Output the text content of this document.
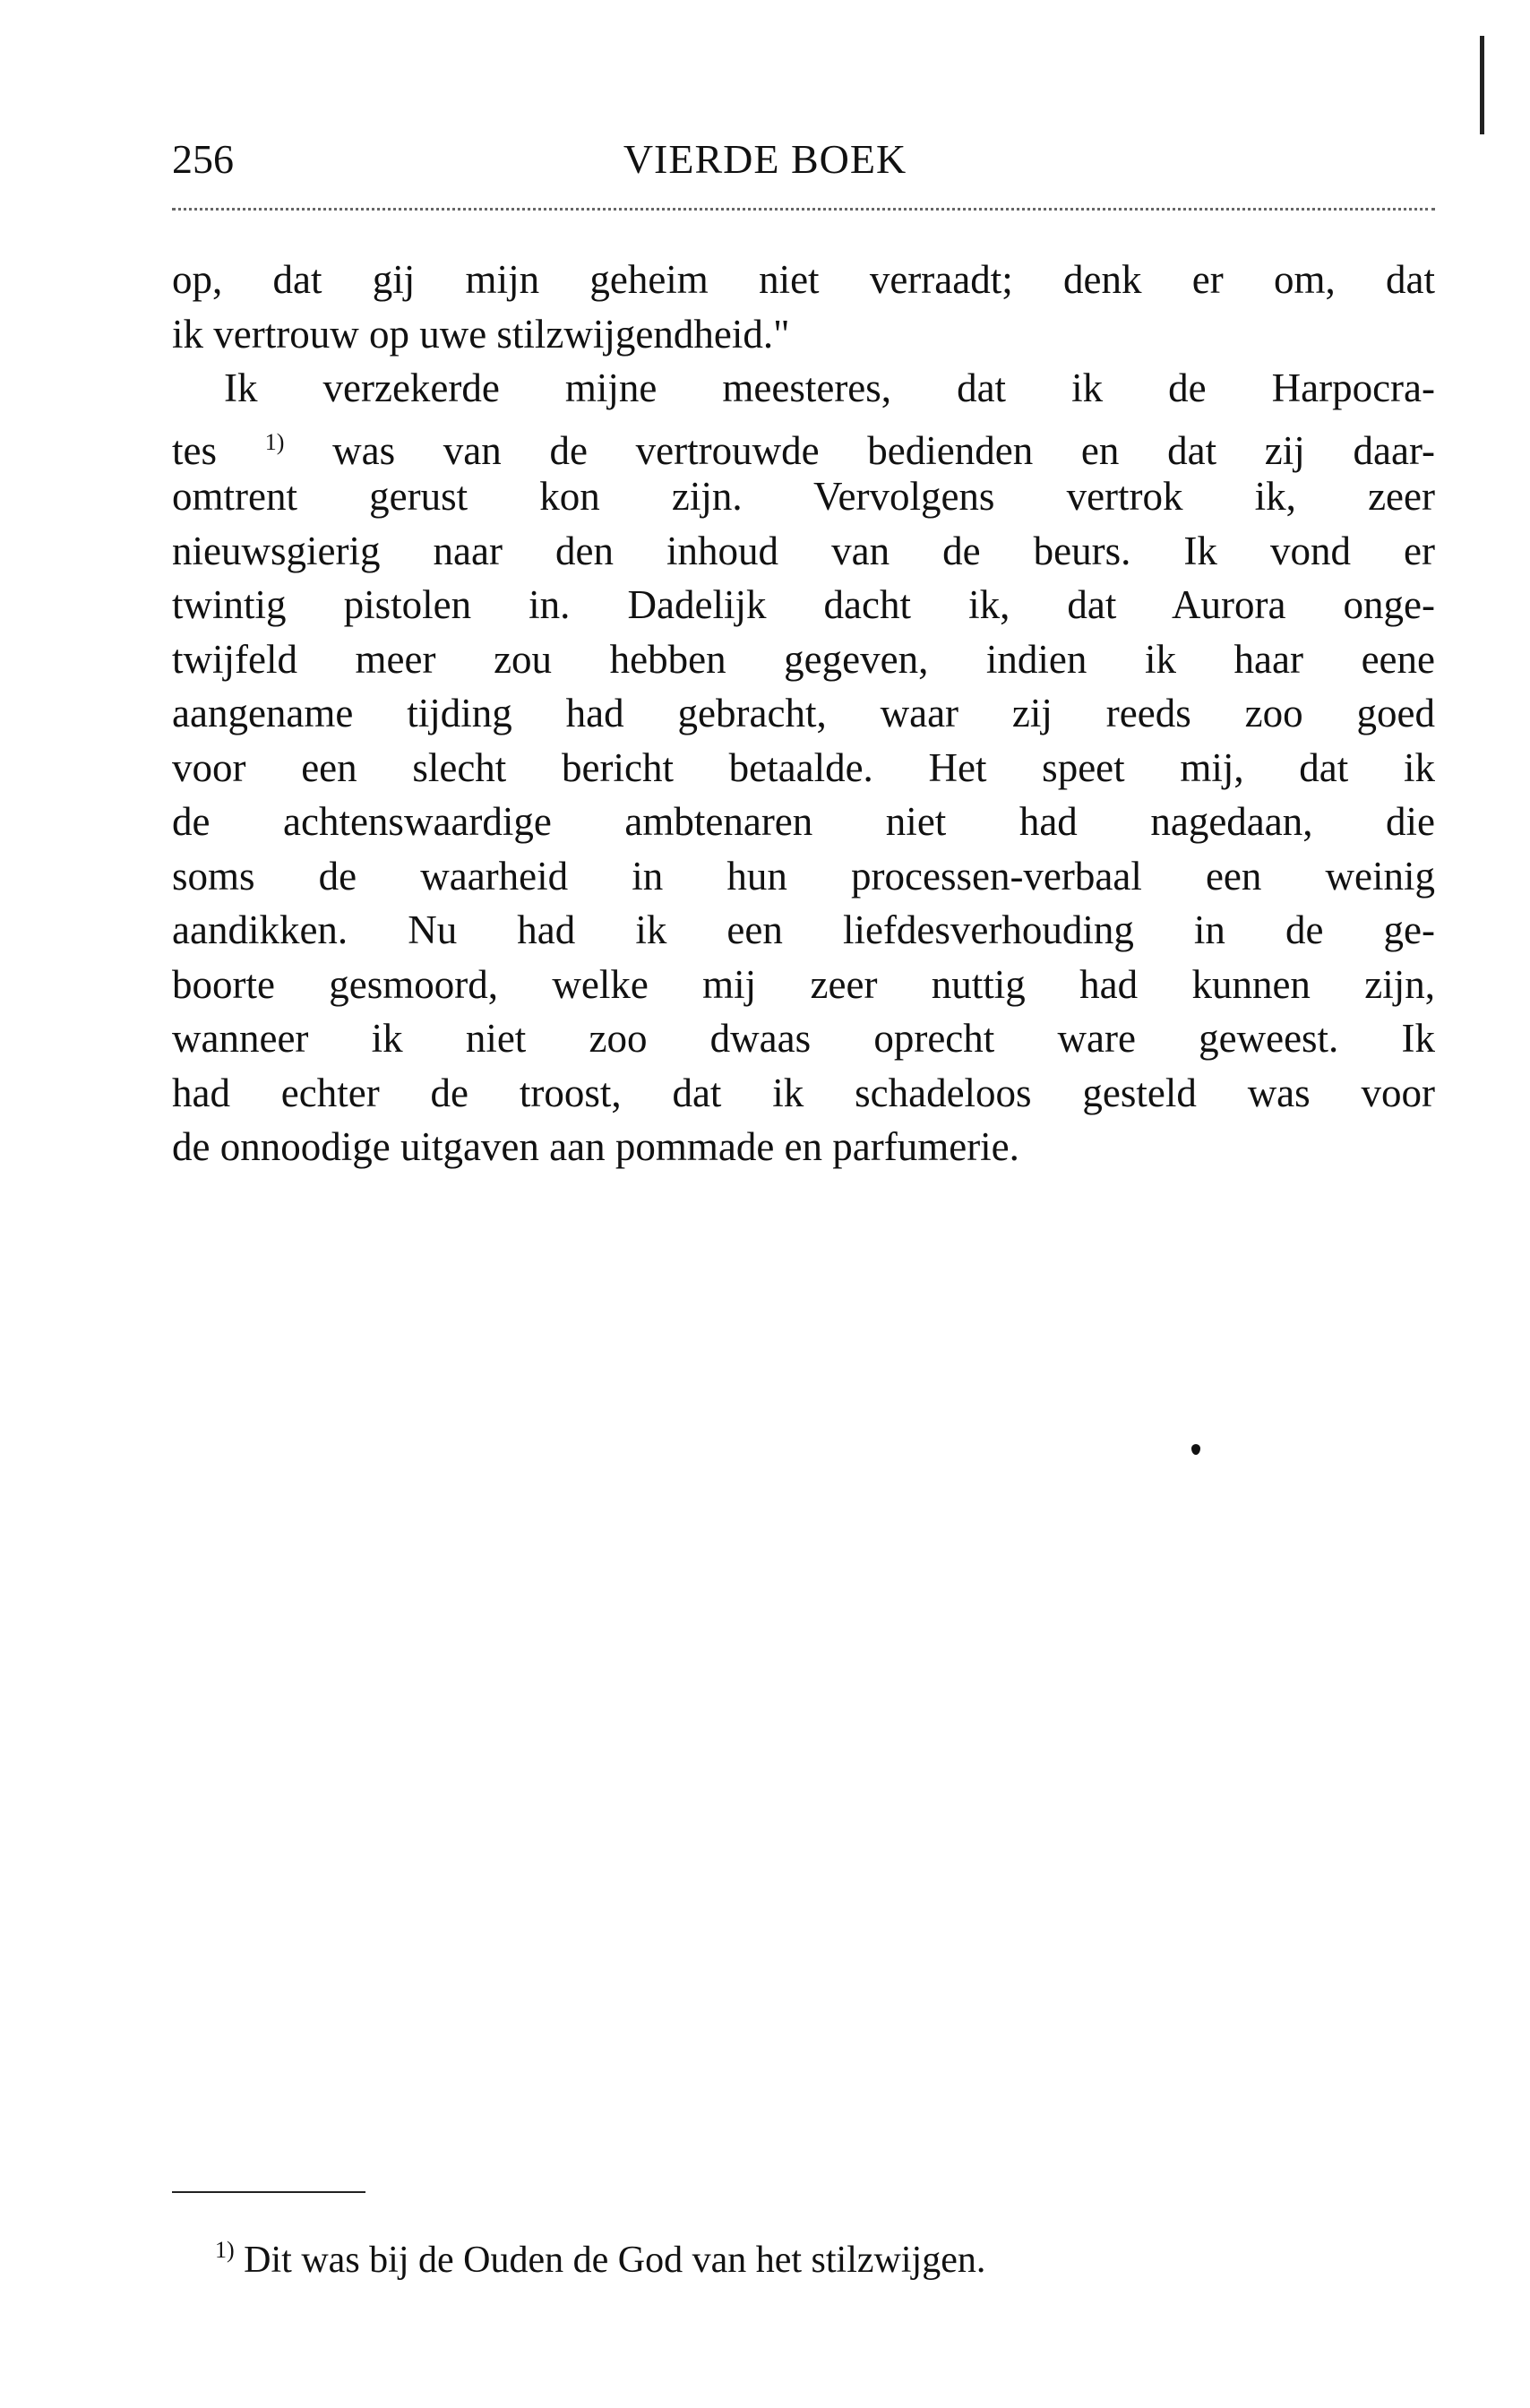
256	VIERDE BOEK
op, dat gij mijn geheim niet verraadt; denk er om, dat
ik vertrouw op uwe stilzwijgendheid."
Ik verzekerde mijne meesteres, dat ik de Harpocra-
tes $^{1)}$ was van de vertrouwde bedienden en dat zij daar-
omtrent gerust kon zijn. Vervolgens vertrok ik, zeer
nieuwsgierig naar den inhoud van de beurs. Ik vond er
twintig pistolen in. Dadelijk dacht ik, dat Aurora onge-
twijfeld meer zou hebben gegeven, indien ik haar eene
aangename tijding had gebracht, waar zij reeds zoo goed
voor een slecht bericht betaalde. Het speet mij, dat ik
de achtenswaardige ambtenaren niet had nagedaan, die
soms de waarheid in hun processen-verbaal een weinig
aandikken. Nu had ik een liefdesverhouding in de ge-
boorte gesmoord, welke mij zeer nuttig had kunnen zijn,
wanneer ik niet zoo dwaas oprecht ware geweest. Ik
had echter de troost, dat ik schadeloos gesteld was voor
de onnoodige uitgaven aan pommade en parfumerie.
$^{1)}$ Dit was bij de Ouden de God van het stilzwijgen.
